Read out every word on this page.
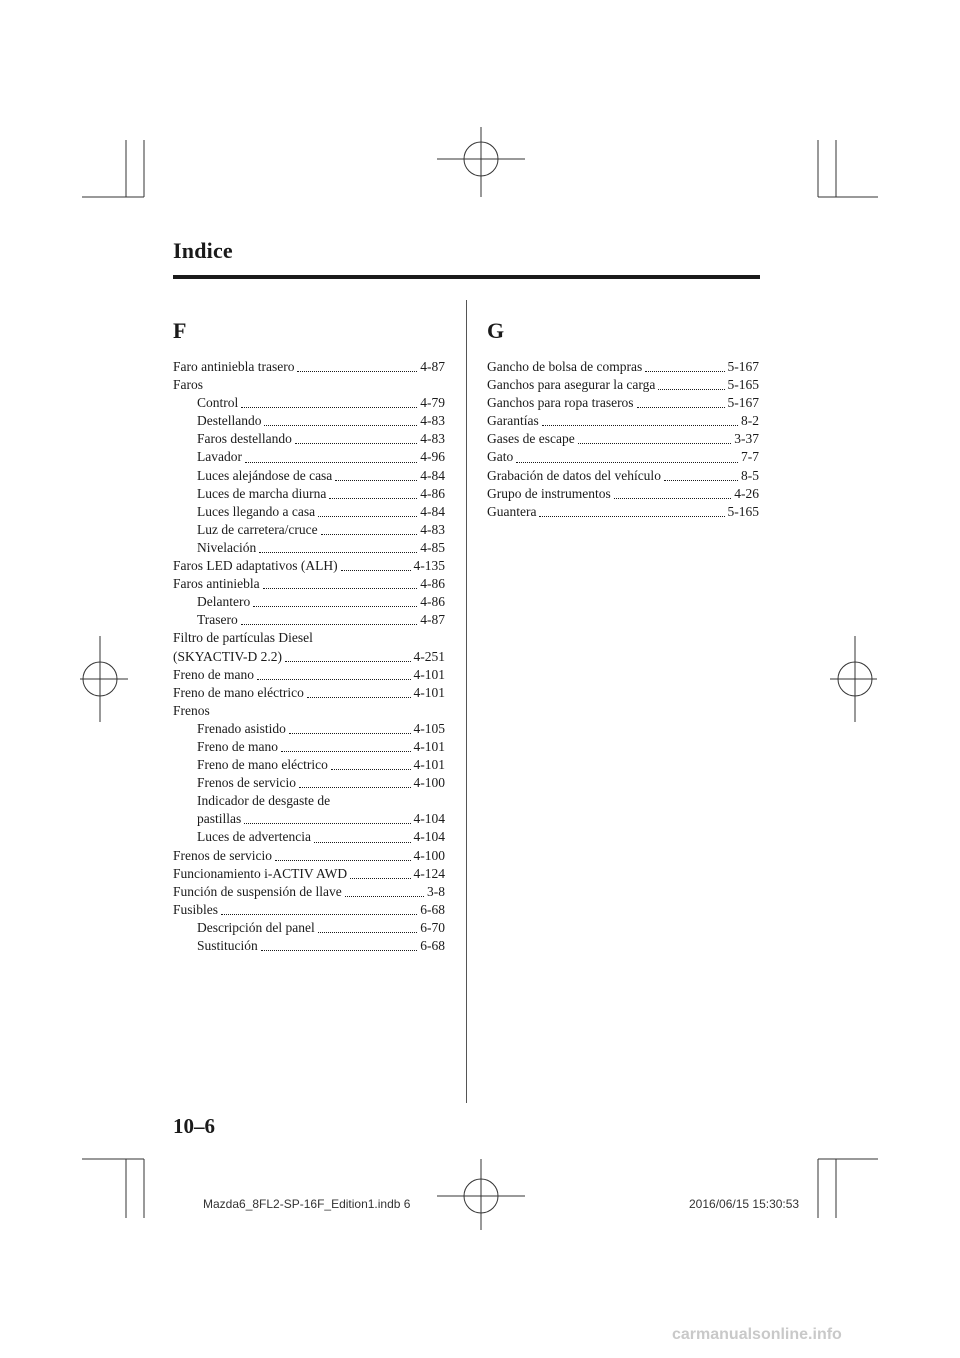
Indice
F
Faro antiniebla trasero	4-87
Faros
Control	4-79
Destellando	4-83
Faros destellando	4-83
Lavador	4-96
Luces alejándose de casa	4-84
Luces de marcha diurna	4-86
Luces llegando a casa	4-84
Luz de carretera/cruce	4-83
Nivelación	4-85
Faros LED adaptativos (ALH)	4-135
Faros antiniebla	4-86
Delantero	4-86
Trasero	4-87
Filtro de partículas Diesel
(SKYACTIV-D 2.2)	4-251
Freno de mano	4-101
Freno de mano eléctrico	4-101
Frenos
Frenado asistido	4-105
Freno de mano	4-101
Freno de mano eléctrico	4-101
Frenos de servicio	4-100
Indicador de desgaste de
pastillas	4-104
Luces de advertencia	4-104
Frenos de servicio	4-100
Funcionamiento i-ACTIV AWD	4-124
Función de suspensión de llave	3-8
Fusibles	6-68
Descripción del panel	6-70
Sustitución	6-68
G
Gancho de bolsa de compras	5-167
Ganchos para asegurar la carga	5-165
Ganchos para ropa traseros	5-167
Garantías	8-2
Gases de escape	3-37
Gato	7-7
Grabación de datos del vehículo	8-5
Grupo de instrumentos	4-26
Guantera	5-165
10–6
Mazda6_8FL2-SP-16F_Edition1.indb 6	2016/06/15 15:30:53
carmanualsonline.info
